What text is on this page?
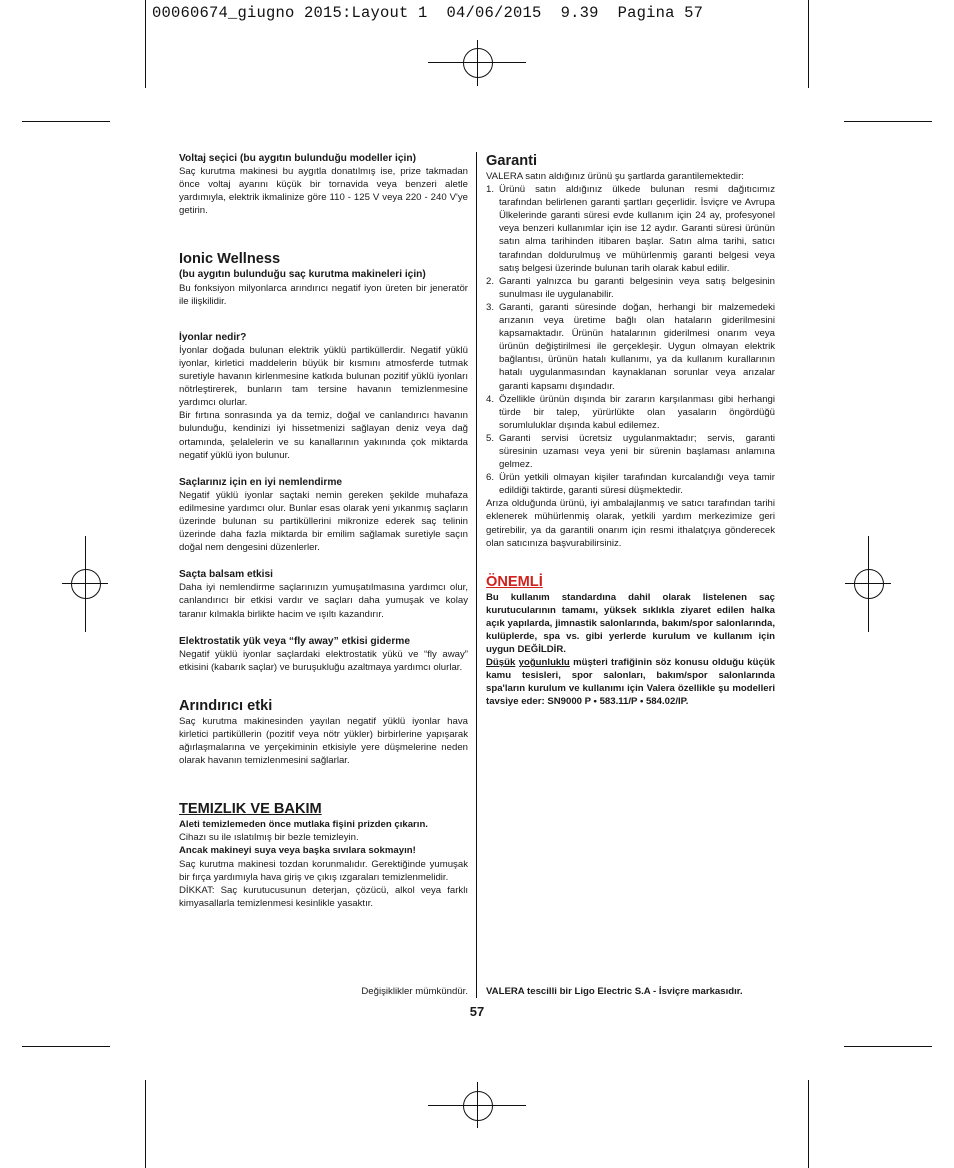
00060674_giugno 2015:Layout 1  04/06/2015  9.39  Pagina 57

Voltaj seçici (bu aygıtın bulunduğu modeller için)

Saç kurutma makinesi bu aygıtla donatılmış ise, prize takmadan önce voltaj ayarını küçük bir tornavida veya benzeri aletle yardımıyla, elektrik ikmalinize göre 110 - 125 V veya 220 - 240 V'ye getirin.

Ionic Wellness

(bu aygıtın bulunduğu saç kurutma makineleri için)

Bu fonksiyon milyonlarca arındırıcı negatif iyon üreten bir jeneratör ile ilişkilidir.

İyonlar nedir?

İyonlar doğada bulunan elektrik yüklü partiküllerdir. Negatif yüklü iyonlar, kirletici maddelerin büyük bir kısmını atmosferde tutmak suretiyle havanın kirlenmesine katkıda bulunan pozitif yüklü iyonları nötrleştirerek, bunların tam tersine havanın temizlenmesine yardımcı olurlar.

Bir fırtına sonrasında ya da temiz, doğal ve canlandırıcı havanın bulunduğu, kendinizi iyi hissetmenizi sağlayan deniz veya dağ ortamında, şelalelerin ve su kanallarının yakınında çok miktarda negatif yüklü iyon bulunur.

Saçlarınız için en iyi nemlendirme

Negatif yüklü iyonlar saçtaki nemin gereken şekilde muhafaza edilmesine yardımcı olur. Bunlar esas olarak yeni yıkanmış saçların üzerinde bulunan su partiküllerini mikronize ederek saç telinin üzerinde daha fazla miktarda bir emilim sağlamak suretiyle saçın doğal nem dengesini düzenlerler.

Saçta balsam etkisi

Daha iyi nemlendirme saçlarınızın yumuşatılmasına yardımcı olur, canlandırıcı bir etkisi vardır ve saçları daha yumuşak ve kolay taranır kılmakla birlikte hacim ve ışıltı kazandırır.

Elektrostatik yük veya “fly away” etkisi giderme

Negatif yüklü iyonlar saçlardaki elektrostatik yükü ve “fly away” etkisini (kabarık saçlar) ve buruşukluğu azaltmaya yardımcı olurlar.

Arındırıcı etki

Saç kurutma makinesinden yayılan negatif yüklü iyonlar hava kirletici partiküllerin (pozitif veya nötr yükler) birbirlerine yapışarak ağırlaşmalarına ve yerçekiminin etkisiyle yere düşmelerine neden olarak havanın temizlenmesini sağlarlar.

TEMIZLIK VE BAKIM

Aleti temizlemeden önce mutlaka fişini prizden çıkarın.

Cihazı su ile ıslatılmış bir bezle temizleyin.

Ancak makineyi suya veya başka sıvılara sokmayın!

Saç kurutma makinesi tozdan korunmalıdır. Gerektiğinde yumuşak bir fırça yardımıyla hava giriş ve çıkış ızgaraları temizlenmelidir.

DİKKAT: Saç kurutucusunun deterjan, çözücü, alkol veya farklı kimyasallarla temizlenmesi kesinlikle yasaktır.

Garanti

VALERA satın aldığınız ürünü şu şartlarda garantilemektedir:

1. Ürünü satın aldığınız ülkede bulunan resmi dağıtıcımız tarafından belirlenen garanti şartları geçerlidir. İsviçre ve Avrupa Ülkelerinde garanti süresi evde kullanım için 24 ay, profesyonel veya benzeri kullanımlar için ise 12 aydır. Garanti süresi ürünün satın alma tarihinden itibaren başlar. Satın alma tarihi, satıcı tarafından doldurulmuş ve mühürlenmiş garanti belgesi veya satış belgesi üzerinde bulunan tarih olarak kabul edilir.
2. Garanti yalnızca bu garanti belgesinin veya satış belgesinin sunulması ile uygulanabilir.
3. Garanti, garanti süresinde doğan, herhangi bir malzemedeki arızanın veya üretime bağlı olan hataların giderilmesini kapsamaktadır. Ürünün hatalarının giderilmesi onarım veya ürünün değiştirilmesi ile gerçekleşir. Uygun olmayan elektrik bağlantısı, ürünün hatalı kullanımı, ya da kullanım kurallarının hatalı uygulanmasından kaynaklanan sorunlar veya arızalar garanti kapsamı dışındadır.
4. Özellikle ürünün dışında bir zararın karşılanması gibi herhangi türde bir talep, yürürlükte olan yasaların öngördüğü sorumluluklar dışında kabul edilemez.
5. Garanti servisi ücretsiz uygulanmaktadır; servis, garanti süresinin uzaması veya yeni bir sürenin başlaması anlamına gelmez.
6. Ürün yetkili olmayan kişiler tarafından kurcalandığı veya tamir edildiği taktirde, garanti süresi düşmektedir.

Arıza olduğunda ürünü, iyi ambalajlanmış ve satıcı tarafından tarihi eklenerek mühürlenmiş olarak, yetkili yardım merkezimize geri getirebilir, ya da garantili onarım için resmi ithalatçıya gönderecek olan satıcınıza başvurabilirsiniz.

ÖNEMLİ

Bu kullanım standardına dahil olarak listelenen saç kurutucularının tamamı, yüksek sıklıkla ziyaret edilen halka açık yapılarda, jimnastik salonlarında, bakım/spor salonlarında, kulüplerde, spa vs. gibi yerlerde kurulum ve kullanım için uygun DEĞİLDİR.

Düşük yoğunluklu müşteri trafiğinin söz konusu olduğu küçük kamu tesisleri, spor salonları, bakım/spor salonlarında spa'ların kurulum ve kullanımı için Valera özellikle şu modelleri tavsiye eder: SN9000 P • 583.11/P • 584.02/IP.

Değişiklikler mümkündür. VALERA tescilli bir Ligo Electric S.A - İsviçre markasıdır.
57
